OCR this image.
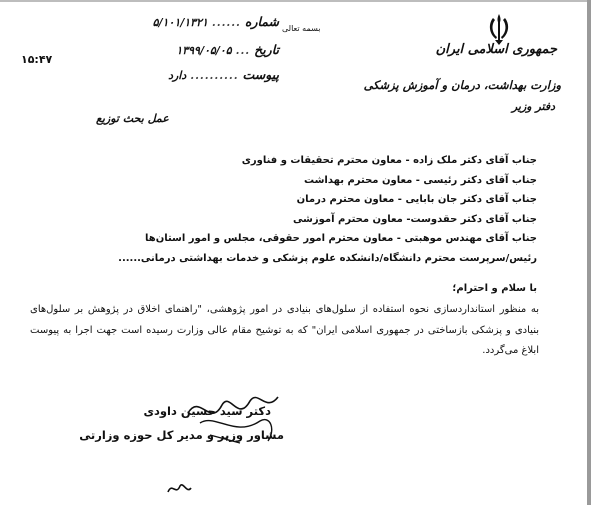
جمهوری اسلامی ایران
وزارت بهداشت، درمان و آموزش پزشکی
دفتر وزیر
بسمه تعالی
شماره
......
۵/۱۰۱/۱۳۲۱
تاریخ
...
۱۳۹۹/۰۵/۰۵
پیوست
..........
دارد
۱۵:۴۷
عمل بحث توزیع
جناب آقای دکتر ملک زاده - معاون محترم تحقیقات و فناوری
جناب آقای دکتر رئیسی - معاون محترم بهداشت
جناب آقای دکتر جان بابایی - معاون محترم درمان
جناب آقای دکتر حقدوست- معاون محترم آموزشی
جناب آقای مهندس موهبتی - معاون محترم امور حقوقی، مجلس و امور استان‌ها
رئیس/سرپرست محترم دانشگاه/دانشکده علوم پزشکی و خدمات بهداشتی درمانی......
با سلام و احترام؛
به منظور استانداردسازی نحوه استفاده از سلول‌های بنیادی در امور پژوهشی، "راهنمای اخلاق در پژوهش بر سلول‌های بنیادی و پزشکی بازساختی در جمهوری اسلامی ایران" که به توشیح مقام عالی وزارت رسیده است جهت اجرا به پیوست ابلاغ می‌گردد.
دکتر سید حسین داودی
مشاور وزیر و مدیر کل حوزه وزارتی
